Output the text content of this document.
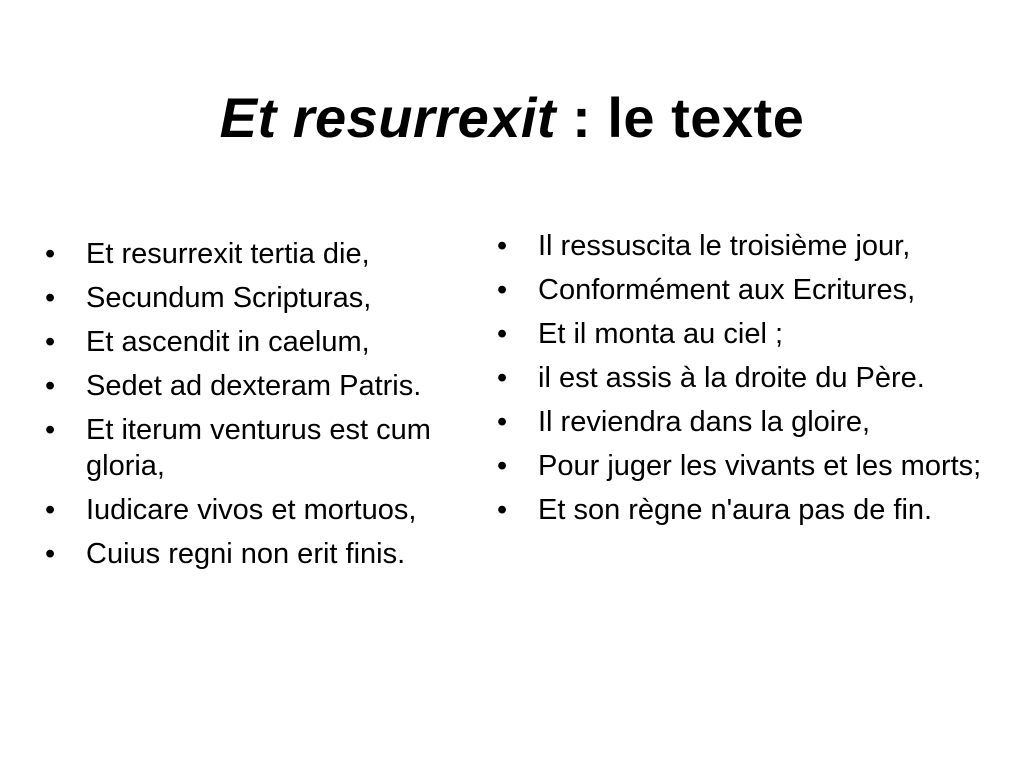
Et resurrexit : le texte
•	Et resurrexit tertia die,
•	Secundum Scripturas,
•	Et ascendit in caelum,
•	Sedet ad dexteram Patris.
•	Et iterum venturus est cum gloria,
•	Iudicare vivos et mortuos,
•	Cuius regni non erit finis.
•	Il ressuscita le troisième jour,
•	Conformément aux Ecritures,
•	Et il monta au ciel ;
•	il est assis à la droite du Père.
•	Il reviendra dans la gloire,
•	Pour juger les vivants et les morts;
•	Et son règne n'aura pas de fin.
